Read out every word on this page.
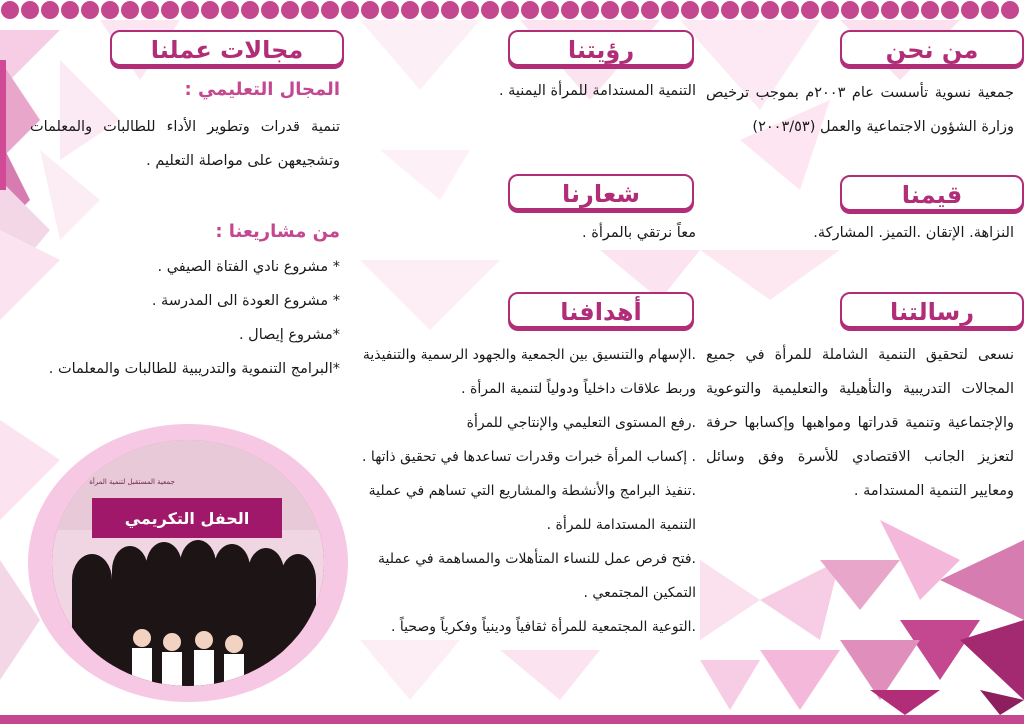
من نحن
جمعية نسوية تأسست عام ٢٠٠٣م بموجب ترخيص وزارة الشؤون الاجتماعية والعمل (٢٠٠٣/٥٣)
قيمنا
النزاهة. الإتقان .التميز. المشاركة.
رسالتنا
نسعى لتحقيق التنمية الشاملة للمرأة في جميع المجالات التدريبية والتأهيلية والتعليمية والتوعوية والإجتماعية وتنمية قدراتها ومواهبها وإكسابها حرفة لتعزيز الجانب الاقتصادي للأسرة وفق وسائل ومعايير التنمية المستدامة .
رؤيتنا
التنمية المستدامة للمرأة اليمنية .
شعارنا
معاً نرتقي بالمرأة .
أهدافنا
.الإسهام والتنسيق بين الجمعية والجهود الرسمية والتنفيذية وربط علاقات داخلياً ودولياً لتنمية المرأة .
.رفع المستوى التعليمي والإنتاجي للمرأة
. إكساب المرأة خبرات وقدرات تساعدها في تحقيق ذاتها .
.تنفيذ البرامج والأنشطة والمشاريع التي تساهم في عملية التنمية المستدامة للمرأة .
.فتح فرص عمل للنساء المتأهلات والمساهمة في عملية التمكين المجتمعي .
.التوعية المجتمعية للمرأة ثقافياً ودينياً وفكرياً وصحياً .
مجالات عملنا
المجال التعليمي :
تنمية قدرات وتطوير الأداء للطالبات والمعلمات وتشجيعهن على مواصلة التعليم .
من مشاريعنا :
* مشروع نادي الفتاة الصيفي .
* مشروع العودة الى المدرسة .
*مشروع إيصال .
*البرامج التنموية والتدريبية للطالبات والمعلمات .
الحفل التكريمي
جمعية المستقبل لتنمية المرأة
